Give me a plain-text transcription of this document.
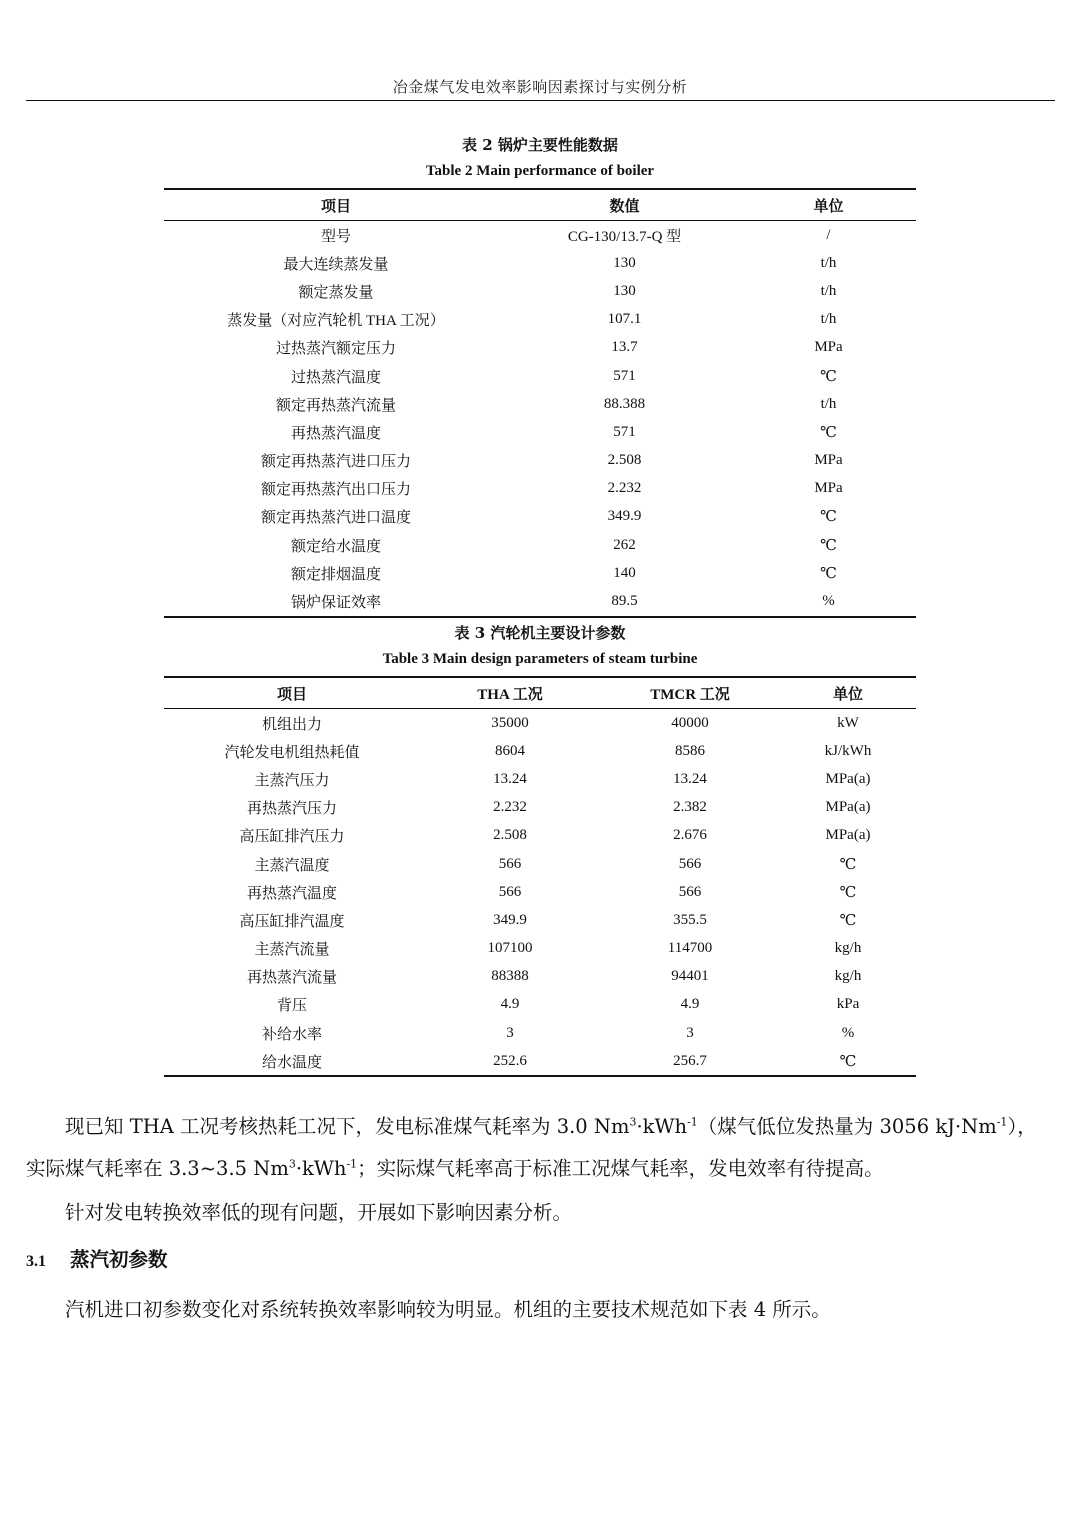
冶金煤气发电效率影响因素探讨与实例分析
表 2 锅炉主要性能数据
Table 2 Main performance of boiler
项目	数值	单位
型号	CG-130/13.7-Q 型	/
最大连续蒸发量	130	t/h
额定蒸发量	130	t/h
蒸发量（对应汽轮机 THA 工况）	107.1	t/h
过热蒸汽额定压力	13.7	MPa
过热蒸汽温度	571	℃
额定再热蒸汽流量	88.388	t/h
再热蒸汽温度	571	℃
额定再热蒸汽进口压力	2.508	MPa
额定再热蒸汽出口压力	2.232	MPa
额定再热蒸汽进口温度	349.9	℃
额定给水温度	262	℃
额定排烟温度	140	℃
锅炉保证效率	89.5	%
表 3 汽轮机主要设计参数
Table 3 Main design parameters of steam turbine
项目	THA 工况	TMCR 工况	单位
机组出力	35000	40000	kW
汽轮发电机组热耗值	8604	8586	kJ/kWh
主蒸汽压力	13.24	13.24	MPa(a)
再热蒸汽压力	2.232	2.382	MPa(a)
高压缸排汽压力	2.508	2.676	MPa(a)
主蒸汽温度	566	566	℃
再热蒸汽温度	566	566	℃
高压缸排汽温度	349.9	355.5	℃
主蒸汽流量	107100	114700	kg/h
再热蒸汽流量	88388	94401	kg/h
背压	4.9	4.9	kPa
补给水率	3	3	%
给水温度	252.6	256.7	℃

现已知 THA 工况考核热耗工况下，发电标准煤气耗率为 3.0 $Nm^3\cdot kWh^{-1}$（煤气低位发热量为 3056 $kJ\cdot Nm^{-1}$），实际煤气耗率在 3.3~3.5 $Nm^3\cdot kWh^{-1}$；实际煤气耗率高于标准工况煤气耗率，发电效率有待提高。

针对发电转换效率低的现有问题，开展如下影响因素分析。

3.1 蒸汽初参数

汽机进口初参数变化对系统转换效率影响较为明显。机组的主要技术规范如下表 4 所示。
